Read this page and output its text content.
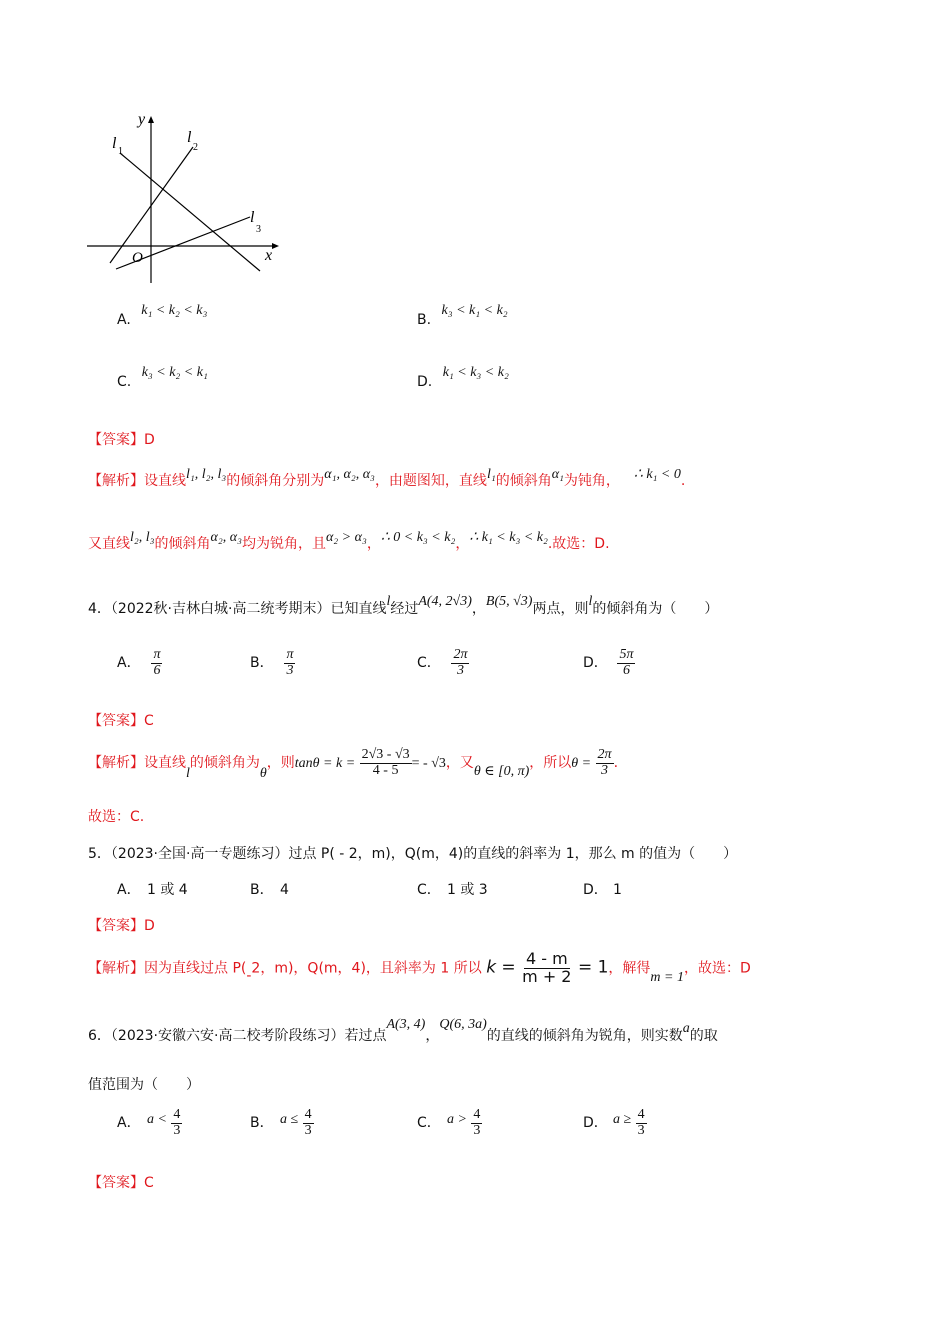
y
x
O
l 1
l
2
l
3
A. k₁ < k₂ < k₃
B. k₃ < k₁ < k₂
C. k₃ < k₂ < k₁
D. k₁ < k₃ < k₂
【答案】D
【解析】设直线l₁, l₂, l₃的倾斜角分别为α₁, α₂, α₃，由题图知，直线l₁的倾斜角α₁为钝角， ∴ k₁ < 0.
又直线l₂, l₃的倾斜角α₂, α₃均为锐角，且α₂ > α₃，∴ 0 < k₃ < k₂，∴ k₁ < k₃ < k₂.故选：D.
4．（2022秋·吉林白城·高二统考期末）已知直线l经过A(4, 2√3)，B(5, √3)两点，则l的倾斜角为（　　）
A． $\frac{\pi}{6}$	B． $\frac{\pi}{3}$	C． $\frac{2\pi}{3}$	D． $\frac{5\pi}{6}$
【答案】C
【解析】设直线l的倾斜角为θ，则$\tan\theta = k = \frac{2√3 - √3}{4 - 5}$ = - √3，又θ ∈ [0, π)，所以$\theta = \frac{2\pi}{3}$ .
故选：C.
5．（2023·全国·高一专题练习）过点 P( - 2，m)，Q(m，4)的直线的斜率为 1，那么 m 的值为（　　）
A． 1 或 4	B． 4	C． 1 或 3	D． 1
【答案】D
【解析】因为直线过点 P(-2，m)，Q(m，4)，且斜率为 1 所以 $k = \frac{4 - m}{m + 2} = 1$，解得m = 1，故选：D
6．（2023·安徽六安·高二校考阶段练习）若过点A(3, 4)，Q(6, 3a)的直线的倾斜角为锐角，则实数a的取
值范围为（　　）
A． $a < \frac{4}{3}$	B． $a \le \frac{4}{3}$	C． $a > \frac{4}{3}$	D． $a \ge \frac{4}{3}$
【答案】C
